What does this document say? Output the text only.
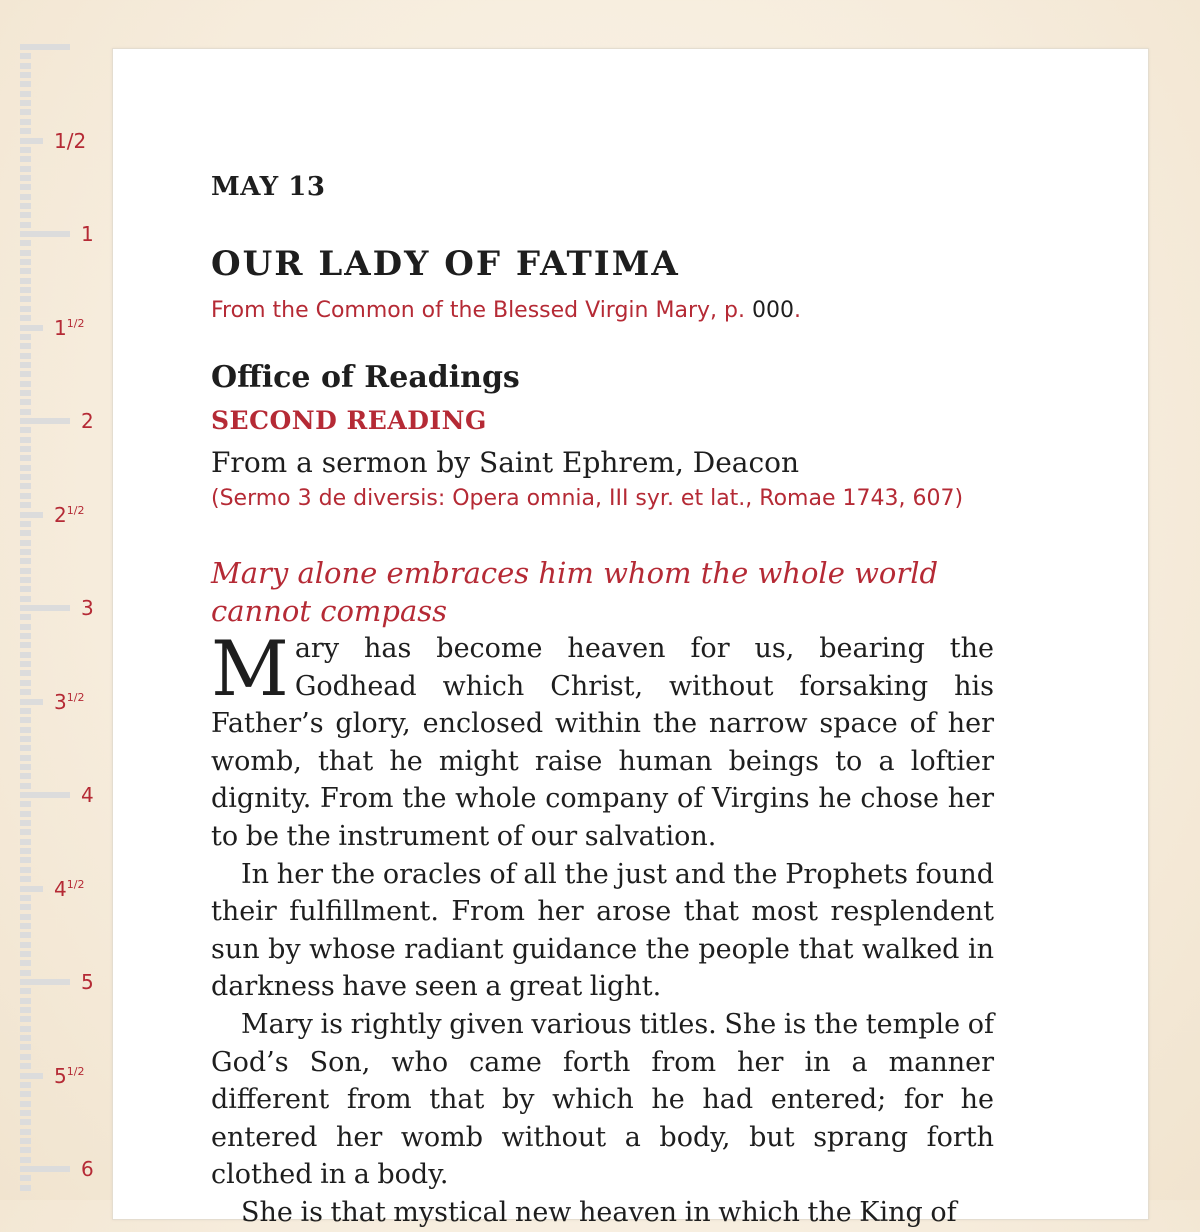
1/2
1
$1^{1/2}$
2
$2^{1/2}$
3
$3^{1/2}$
4
$4^{1/2}$
5
$5^{1/2}$
6
MAY 13
OUR LADY OF FATIMA
From the Common of the Blessed Virgin Mary, p. 000.
Office of Readings
SECOND READING
From a sermon by Saint Ephrem, Deacon
(Sermo 3 de diversis: Opera omnia, III syr. et lat., Romae 1743, 607)
Mary alone embraces him whom the whole world cannot compass

Mary has become heaven for us, bearing the Godhead which Christ, without forsaking his Father’s glory, enclosed within the narrow space of her womb, that he might raise human beings to a loftier dignity. From the whole company of Virgins he chose her to be the instrument of our salvation.

In her the oracles of all the just and the Prophets found their fulfillment. From her arose that most resplendent sun by whose radiant guidance the people that walked in darkness have seen a great light.

Mary is rightly given various titles. She is the temple of God’s Son, who came forth from her in a manner different from that by which he had entered; for he entered her womb without a body, but sprang forth clothed in a body.

She is that mystical new heaven in which the King of
